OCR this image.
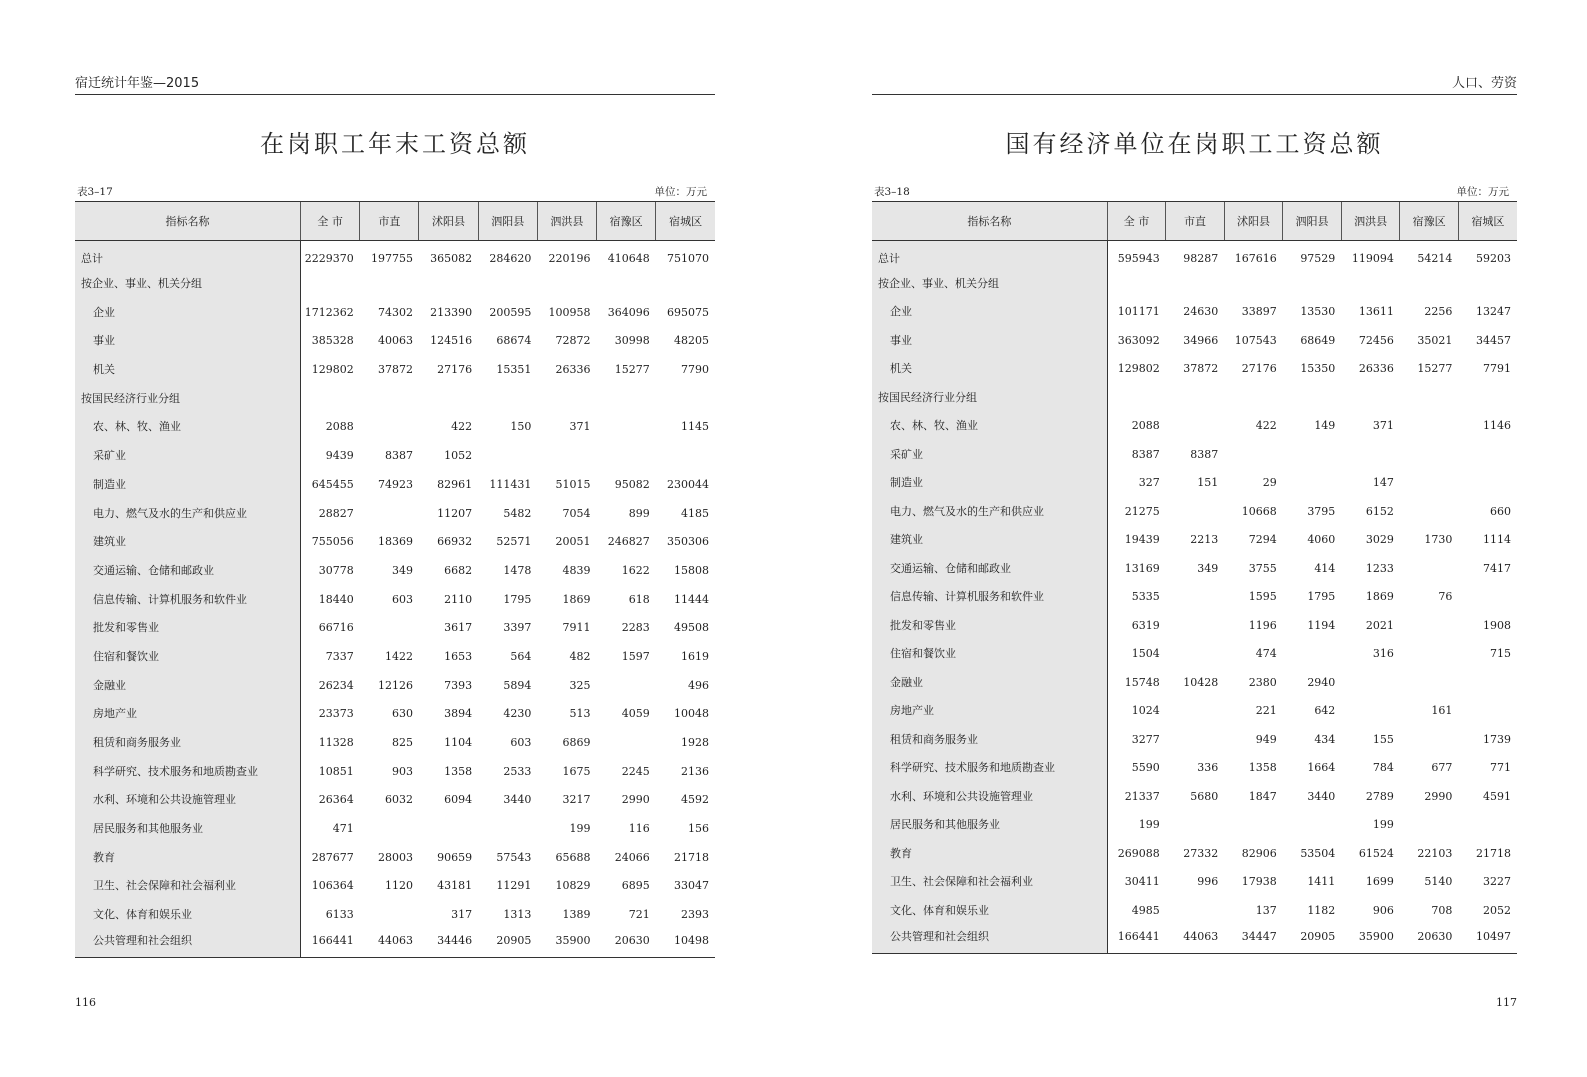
宿迁统计年鉴—2015
在岗职工年末工资总额
表3–17	单位：万元
指标名称	全 市	市直	沭阳县	泗阳县	泗洪县	宿豫区	宿城区
总计	2229370	197755	365082	284620	220196	410648	751070
按企业、事业、机关分组							
企业	1712362	74302	213390	200595	100958	364096	695075
事业	385328	40063	124516	68674	72872	30998	48205
机关	129802	37872	27176	15351	26336	15277	7790
按国民经济行业分组							
农、林、牧、渔业	2088		422	150	371		1145
采矿业	9439	8387	1052				
制造业	645455	74923	82961	111431	51015	95082	230044
电力、燃气及水的生产和供应业	28827		11207	5482	7054	899	4185
建筑业	755056	18369	66932	52571	20051	246827	350306
交通运输、仓储和邮政业	30778	349	6682	1478	4839	1622	15808
信息传输、计算机服务和软件业	18440	603	2110	1795	1869	618	11444
批发和零售业	66716		3617	3397	7911	2283	49508
住宿和餐饮业	7337	1422	1653	564	482	1597	1619
金融业	26234	12126	7393	5894	325		496
房地产业	23373	630	3894	4230	513	4059	10048
租赁和商务服务业	11328	825	1104	603	6869		1928
科学研究、技术服务和地质勘查业	10851	903	1358	2533	1675	2245	2136
水利、环境和公共设施管理业	26364	6032	6094	3440	3217	2990	4592
居民服务和其他服务业	471				199	116	156
教育	287677	28003	90659	57543	65688	24066	21718
卫生、社会保障和社会福利业	106364	1120	43181	11291	10829	6895	33047
文化、体育和娱乐业	6133		317	1313	1389	721	2393
公共管理和社会组织	166441	44063	34446	20905	35900	20630	10498
116
人口、劳资
国有经济单位在岗职工工资总额
表3–18	单位：万元
指标名称	全 市	市直	沭阳县	泗阳县	泗洪县	宿豫区	宿城区
总计	595943	98287	167616	97529	119094	54214	59203
按企业、事业、机关分组							
企业	101171	24630	33897	13530	13611	2256	13247
事业	363092	34966	107543	68649	72456	35021	34457
机关	129802	37872	27176	15350	26336	15277	7791
按国民经济行业分组							
农、林、牧、渔业	2088		422	149	371		1146
采矿业	8387	8387					
制造业	327	151	29		147		
电力、燃气及水的生产和供应业	21275		10668	3795	6152		660
建筑业	19439	2213	7294	4060	3029	1730	1114
交通运输、仓储和邮政业	13169	349	3755	414	1233		7417
信息传输、计算机服务和软件业	5335		1595	1795	1869	76	
批发和零售业	6319		1196	1194	2021		1908
住宿和餐饮业	1504		474		316		715
金融业	15748	10428	2380	2940			
房地产业	1024		221	642		161	
租赁和商务服务业	3277		949	434	155		1739
科学研究、技术服务和地质勘查业	5590	336	1358	1664	784	677	771
水利、环境和公共设施管理业	21337	5680	1847	3440	2789	2990	4591
居民服务和其他服务业	199				199		
教育	269088	27332	82906	53504	61524	22103	21718
卫生、社会保障和社会福利业	30411	996	17938	1411	1699	5140	3227
文化、体育和娱乐业	4985		137	1182	906	708	2052
公共管理和社会组织	166441	44063	34447	20905	35900	20630	10497
117
